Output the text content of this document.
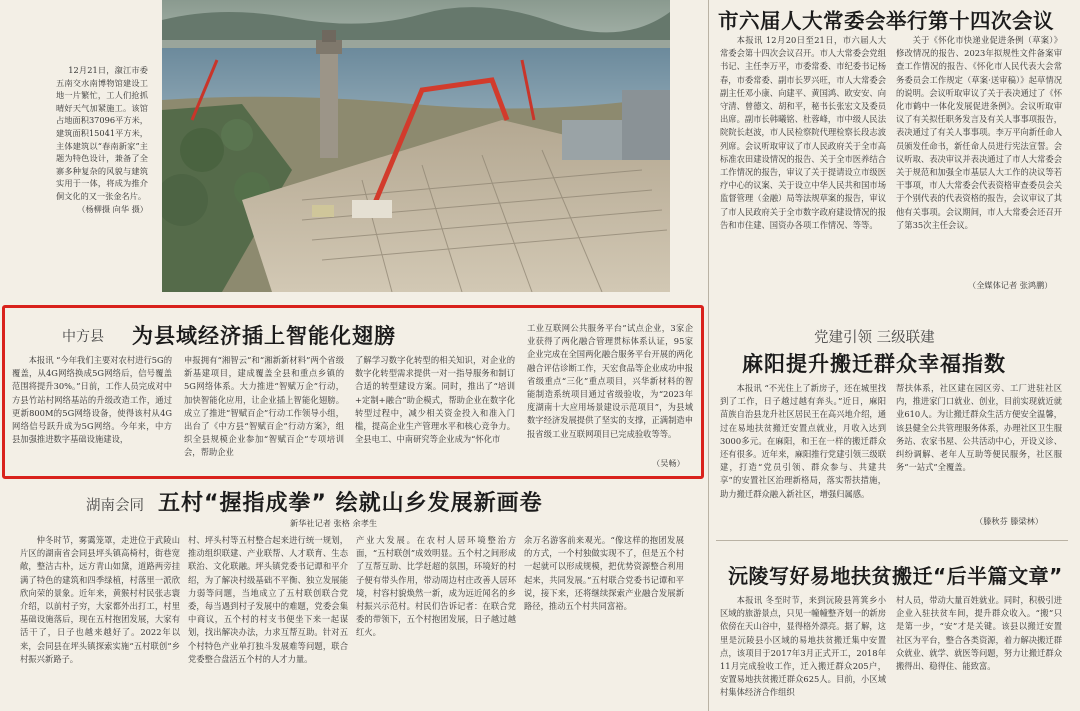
12月21日，溆江市委五南交水南博物馆建设工地一片繁忙，工人们抢抓晴好天气加紧施工。该馆占地面积37096平方米，建筑面积15041平方米，主体建筑以“春南新家”主题为特色设计，兼备了全寨多种复杂的风貌与建筑实用于一体，将成为推介侗文化的又一张金名片。
（杨柳摄 向华 摄）
市六届人大常委会举行第十四次会议

本报讯 12月20日至21日，市六届人大常委会第十四次会议召开。市人大常委会党组书记、主任李万平，市委常委、市纪委书记杨春，市委常委、副市长罗兴旺，市人大常委会副主任邓小康、向建平、黄国鸿、欧安安、向守清、曾德文、胡和平，秘书长张宏文及委员出席。副市长韩曦铭、杜蓉峰，市中级人民法院院长赵波，市人民检察院代理检察长段志波列席。会议听取审议了市人民政府关于全市高标准农田建设情况的报告、关于全市医养结合工作情况的报告，审议了关于提请设立市级医疗中心的议案、关于设立中华人民共和国市场监督管理（金融）局等法规草案的报告，审议了市人民政府关于全市数字政府建设情况的报告和市住建、国资办各项工作情况、等等。

关于《怀化市快递业促进条例（草案）》修改情况的报告、2023年拟规性文件备案审查工作情况的报告、《怀化市人民代表大会常务委员会工作规定（草案·送审稿）》起草情况的说明。会议听取审议了关于表决通过了《怀化市鹤中一体化发展促进条例》。会议听取审议了有关拟任职务发言及有关人事事项报告，表决通过了有关人事事项。李万平向新任命人员颁发任命书，新任命人员进行宪法宣誓。会议听取、表决审议并表决通过了市人大常委会关于规范和加强全市基层人大工作的决议等若干事项，市人大常委会代表资格审查委员会关于个别代表的代表资格的报告，会议审议了其他有关事项。会议期间，市人大常委会还召开了第35次主任会议。

（全媒体记者 张鸿鹏）
中方县 为县域经济插上智能化翅膀

本报讯 “今年我们主要对农村进行5G的覆盖，从4G网络换成5G网络后，信号覆盖范围将提升30%。”日前，工作人员完成对中方县竹站村网络基站的升级改造工作，通过更新800M的5G网络设备，使得该村从4G网络信号跃升成为5G网络。今年来，中方县加强推进数字基础设施建设，

申报拥有“湘智云”和“湘新新材料”两个省级新基建项目，建成覆盖全县和重点乡镇的5G网络体系。大力推进“智赋万企”行动，加快智能化应用，让企业插上智能化翅膀。成立了推进“智赋百企”行动工作领导小组，出台了《中方县“智赋百企”行动方案》，组织全县规模企业参加“智赋百企”专项培训会，帮助企业

了解学习数字化转型的相关知识，对企业的数字化转型需求提供一对一指导服务和制订合适的转型建设方案。同时，推出了“培训+定制+融合”助企模式，帮助企业在数字化转型过程中，减少相关资金投入和准入门槛，提高企业生产管理水平和核心竞争力。全县电工、中南研究等企业成为“怀化市

工业互联网公共服务平台”试点企业，3家企业获得了两化融合管理贯标体系认证，95家企业完成在全国两化融合服务平台开展的两化融合评估诊断工作，天宏食品等企业成功申报省级重点“三化”重点项目，兴华新材料的智能制造系统项目通过省级验收，为“2023年度湖南十大应用场景建设示范项目”，为县域数字经济发展提供了坚实的支撑，正满制造申报省级工业互联网项目已完成验收等等。

（吴畅）
党建引领 三级联建
麻阳提升搬迁群众幸福指数

本报讯 “不光住上了新房子，还在城里找到了工作，日子越过越有奔头。”近日，麻阳苗族自治县龙升社区居民王在高兴地介绍，通过在易地扶贫搬迁安置点就业，月收入达到3000多元。在麻阳，和王在一样的搬迁群众还有很多。近年来，麻阳推行党建引领三级联建，打造“党员引领、群众参与、共建共享”的安置社区治理新格局，落实帮扶措施，助力搬迁群众融入新社区，增强归属感。

帮扶体系，社区建在园区旁、工厂进驻社区内，推进家门口就业、创业，目前实现就近就业610人。为让搬迁群众生活方便安全温馨，该县健全公共管理服务体系，办理社区卫生服务站、农家书屋、公共活动中心，开设义诊、纠纷调解、老年人互助等便民服务，社区服务“一站式”全覆盖。

（滕秋芬 滕梁林）
沅陵写好易地扶贫搬迁“后半篇文章”

本报讯 冬至时节，来到沅陵县筲箕乡小区域的旅游景点，只见一幢幢整齐划一的新房依傍在天山谷中，显得格外漂亮。据了解，这里是沅陵县小区域的易地扶贫搬迁集中安置点，该项目于2017年3月正式开工，2018年11月完成验收工作，迁入搬迁群众205户，安置易地扶贫搬迁群众625人。目前，小区域村集体经济合作组织

村人员，带动大量百姓就业。同时，积极引进企业入驻扶贫车间，提升群众收入。“搬”只是第一步，“安”才是关键。该县以搬迁安置社区为平台，整合各类资源，着力解决搬迁群众就业、就学、就医等问题，努力让搬迁群众搬得出、稳得住、能致富。

湖南会同 五村“握指成拳” 绘就山乡发展新画卷
新华社记者 张格 余孝生

仲冬时节，雾霭笼罩，走进位于武陵山片区的湖南省会同县坪头镇高椅村，街巷宽敞，整洁古朴，远方青山如黛，道路两旁挂满了特色的建筑和四季绿植，村落里一派欣欣向荣的景象。近年来，黄猴村村民张志寰介绍，以前村子穷，大家都外出打工，村里基础设施落后，现在五村抱团发展，大家有活干了，日子也越来越好了。2022年以来，会同县在坪头镇探索实施“五村联创”乡村振兴新路子。

村、坪头村等五村整合起来进行统一规划，推动组织联建、产业联帮、人才联育、生态联治、文化联融。坪头镇党委书记谭和平介绍，为了解决村级基础不平衡、独立发展能力弱等问题，当地成立了五村联创联合党委，每当遇到村子发展中的难题，党委会集中商议，五个村的村支书便坐下来一起谋划，找出解决办法，力求互帮互助。针对五个村特色产业单打独斗发展难等问题，联合党委整合盘活五个村的人才力量。

产业大发展。在农村人居环境整治方面，“五村联创”成效明显。五个村之间形成了互帮互助、比学赶超的氛围，环境好的村子便有带头作用，带动周边村庄改善人居环境，村容村貌焕然一新，成为远近闻名的乡村振兴示范村。村民们告诉记者：在联合党委的带领下，五个村抱团发展，日子越过越红火。

余万名游客前来观光。“像这样的抱团发展的方式，一个村独做实现不了，但是五个村一起就可以形成规模，把优势资源整合利用起来，共同发展。”五村联合党委书记谭和平说，接下来，还将继续探索产业融合发展新路径，推动五个村共同富裕。
